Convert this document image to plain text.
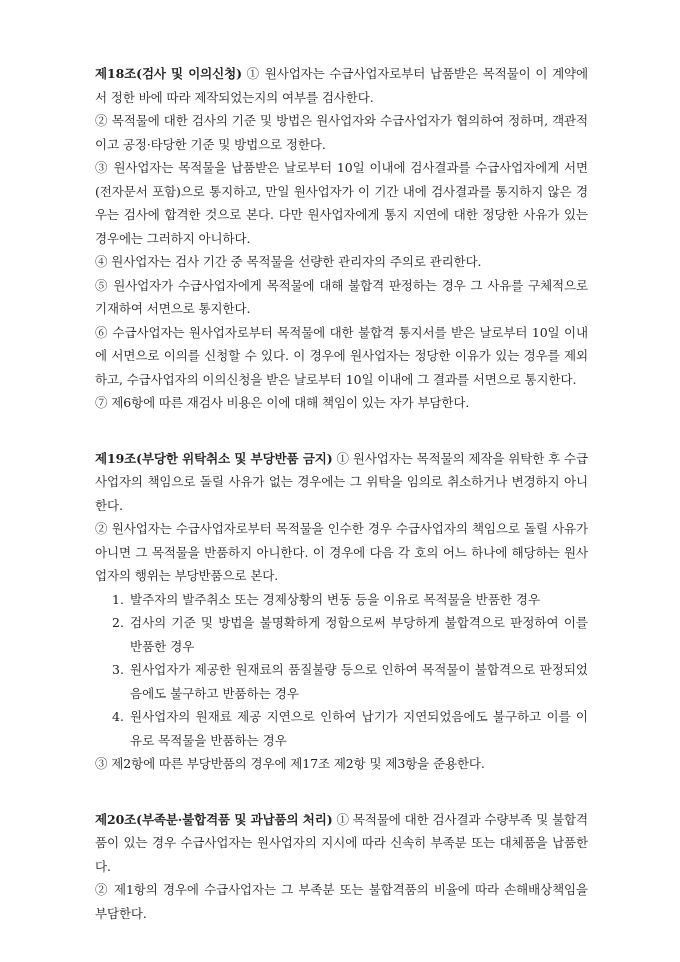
제18조(검사 및 이의신청) ① 원사업자는 수급사업자로부터 납품받은 목적물이 이 계약에서 정한 바에 따라 제작되었는지의 여부를 검사한다.

② 목적물에 대한 검사의 기준 및 방법은 원사업자와 수급사업자가 협의하여 정하며, 객관적이고 공정·타당한 기준 및 방법으로 정한다.

③ 원사업자는 목적물을 납품받은 날로부터 10일 이내에 검사결과를 수급사업자에게 서면(전자문서 포함)으로 통지하고, 만일 원사업자가 이 기간 내에 검사결과를 통지하지 않은 경우는 검사에 합격한 것으로 본다. 다만 원사업자에게 통지 지연에 대한 정당한 사유가 있는 경우에는 그러하지 아니하다.

④ 원사업자는 검사 기간 중 목적물을 선량한 관리자의 주의로 관리한다.

⑤ 원사업자가 수급사업자에게 목적물에 대해 불합격 판정하는 경우 그 사유를 구체적으로 기재하여 서면으로 통지한다.

⑥ 수급사업자는 원사업자로부터 목적물에 대한 불합격 통지서를 받은 날로부터 10일 이내에 서면으로 이의를 신청할 수 있다. 이 경우에 원사업자는 정당한 이유가 있는 경우를 제외하고, 수급사업자의 이의신청을 받은 날로부터 10일 이내에 그 결과를 서면으로 통지한다.

⑦ 제6항에 따른 재검사 비용은 이에 대해 책임이 있는 자가 부담한다.

제19조(부당한 위탁취소 및 부당반품 금지) ① 원사업자는 목적물의 제작을 위탁한 후 수급사업자의 책임으로 돌릴 사유가 없는 경우에는 그 위탁을 임의로 취소하거나 변경하지 아니한다.

② 원사업자는 수급사업자로부터 목적물을 인수한 경우 수급사업자의 책임으로 돌릴 사유가 아니면 그 목적물을 반품하지 아니한다. 이 경우에 다음 각 호의 어느 하나에 해당하는 원사업자의 행위는 부당반품으로 본다.

1. 발주자의 발주취소 또는 경제상황의 변동 등을 이유로 목적물을 반품한 경우
2. 검사의 기준 및 방법을 불명확하게 정함으로써 부당하게 불합격으로 판정하여 이를 반품한 경우
3. 원사업자가 제공한 원재료의 품질불량 등으로 인하여 목적물이 불합격으로 판정되었음에도 불구하고 반품하는 경우
4. 원사업자의 원재료 제공 지연으로 인하여 납기가 지연되었음에도 불구하고 이를 이유로 목적물을 반품하는 경우

③ 제2항에 따른 부당반품의 경우에 제17조 제2항 및 제3항을 준용한다.

제20조(부족분·불합격품 및 과납품의 처리) ① 목적물에 대한 검사결과 수량부족 및 불합격품이 있는 경우 수급사업자는 원사업자의 지시에 따라 신속히 부족분 또는 대체품을 납품한다.

② 제1항의 경우에 수급사업자는 그 부족분 또는 불합격품의 비율에 따라 손해배상책임을 부담한다.
